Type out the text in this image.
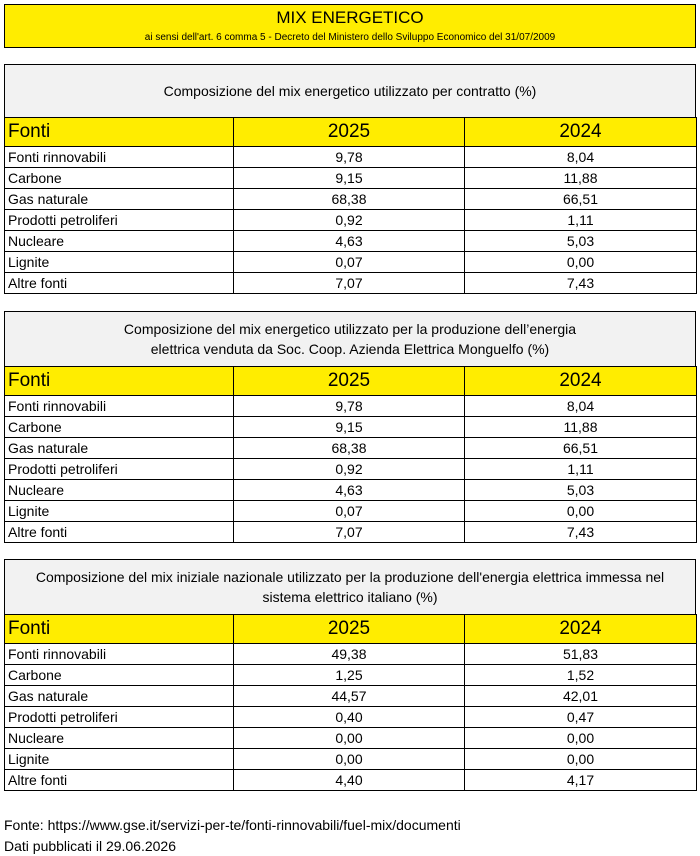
MIX ENERGETICO
ai sensi dell'art. 6 comma 5 - Decreto del Ministero dello Sviluppo Economico del 31/07/2009
Composizione del mix energetico utilizzato per contratto (%)
Fonti	2025	2024
Fonti rinnovabili	9,78	8,04
Carbone	9,15	11,88
Gas naturale	68,38	66,51
Prodotti petroliferi	0,92	1,11
Nucleare	4,63	5,03
Lignite	0,07	0,00
Altre fonti	7,07	7,43
Composizione del mix energetico utilizzato per la produzione dell’energia
elettrica venduta da Soc. Coop. Azienda Elettrica Monguelfo (%)
Fonti	2025	2024
Fonti rinnovabili	9,78	8,04
Carbone	9,15	11,88
Gas naturale	68,38	66,51
Prodotti petroliferi	0,92	1,11
Nucleare	4,63	5,03
Lignite	0,07	0,00
Altre fonti	7,07	7,43
Composizione del mix iniziale nazionale utilizzato per la produzione dell'energia elettrica immessa nel
sistema elettrico italiano (%)
Fonti	2025	2024
Fonti rinnovabili	49,38	51,83
Carbone	1,25	1,52
Gas naturale	44,57	42,01
Prodotti petroliferi	0,40	0,47
Nucleare	0,00	0,00
Lignite	0,00	0,00
Altre fonti	4,40	4,17
Fonte: https://www.gse.it/servizi-per-te/fonti-rinnovabili/fuel-mix/documenti
Dati pubblicati il 29.06.2026
